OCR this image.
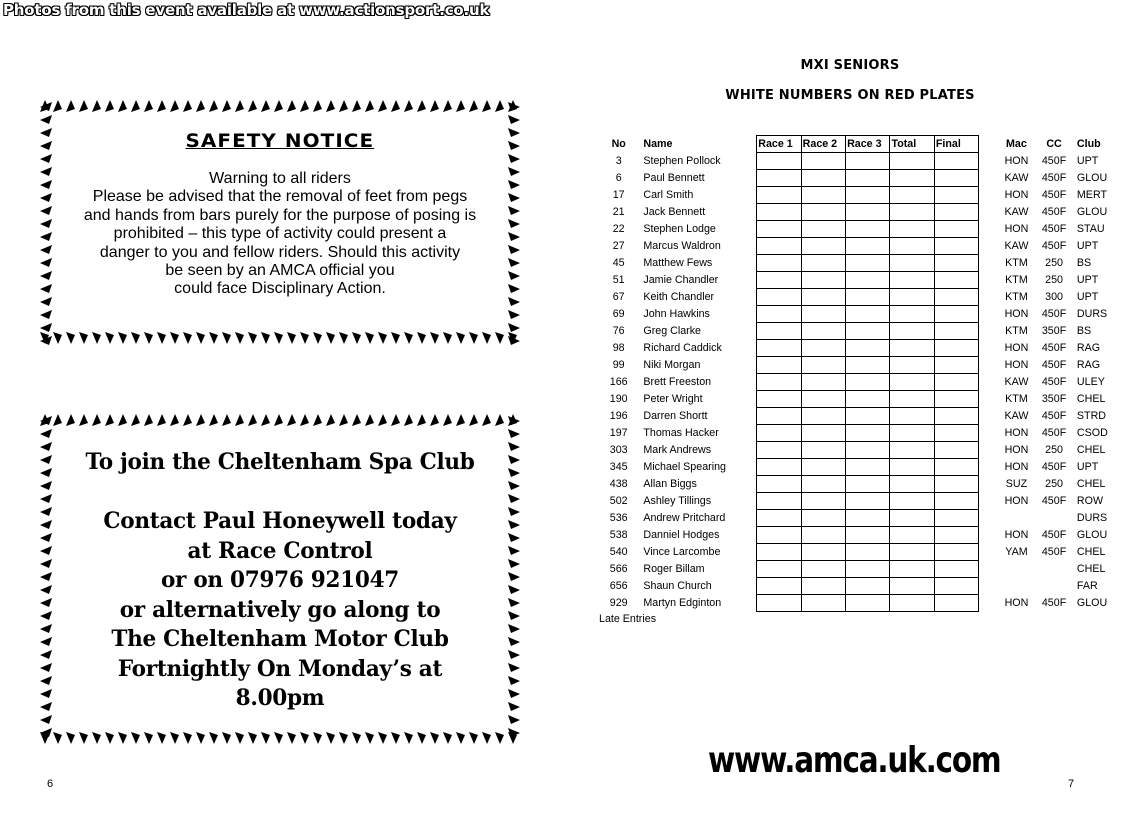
Photos from this event available at www.actionsport.co.uk
SAFETY NOTICE
Warning to all riders
Please be advised that the removal of feet from pegs
and hands from bars purely for the purpose of posing is
prohibited – this type of activity could present a
danger to you and fellow riders. Should this activity
be seen by an AMCA official you
could face Disciplinary Action.
To join the Cheltenham Spa Club

Contact Paul Honeywell today
at Race Control
or on 07976 921047
or alternatively go along to
The Cheltenham Motor Club
Fortnightly On Monday’s at
8.00pm
6	7
MXI SENIORS
WHITE NUMBERS ON RED PLATES
No	Name	Race 1	Race 2	Race 3	Total	Final		Mac	CC	Club
3	Stephen Pollock							HON	450F	UPT
6	Paul Bennett							KAW	450F	GLOU
17	Carl Smith							HON	450F	MERT
21	Jack Bennett							KAW	450F	GLOU
22	Stephen Lodge							HON	450F	STAU
27	Marcus Waldron							KAW	450F	UPT
45	Matthew Fews							KTM	250	BS
51	Jamie Chandler							KTM	250	UPT
67	Keith Chandler							KTM	300	UPT
69	John Hawkins							HON	450F	DURS
76	Greg Clarke							KTM	350F	BS
98	Richard Caddick							HON	450F	RAG
99	Niki Morgan							HON	450F	RAG
166	Brett Freeston							KAW	450F	ULEY
190	Peter Wright							KTM	350F	CHEL
196	Darren Shortt							KAW	450F	STRD
197	Thomas Hacker							HON	450F	CSOD
303	Mark Andrews							HON	250	CHEL
345	Michael Spearing							HON	450F	UPT
438	Allan Biggs							SUZ	250	CHEL
502	Ashley Tillings							HON	450F	ROW
536	Andrew Pritchard									DURS
538	Danniel Hodges							HON	450F	GLOU
540	Vince Larcombe							YAM	450F	CHEL
566	Roger Billam									CHEL
656	Shaun Church									FAR
929	Martyn Edginton							HON	450F	GLOU
Late Entries
www.amca.uk.com
